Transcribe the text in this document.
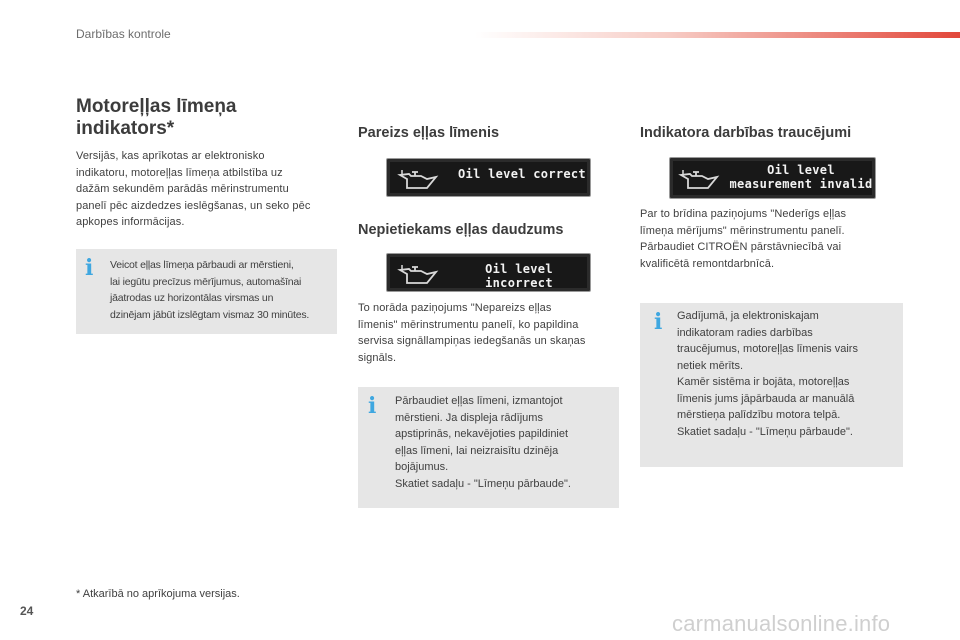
Darbības kontrole
Motoreļļas līmeņa
indikators*
Versijās, kas aprīkotas ar elektronisko
indikatoru, motoreļļas līmeņa atbilstība uz
dažām sekundēm parādās mērinstrumentu
panelī pēc aizdedzes ieslēgšanas, un seko pēc
apkopes informācijas.
i Veicot eļļas līmeņa pārbaudi ar mērstieni,
lai iegūtu precīzus mērījumus, automašīnai
jāatrodas uz horizontālas virsmas un
dzinējam jābūt izslēgtam vismaz 30 minūtes.
Pareizs eļļas līmenis
Oil level correct
Nepietiekams eļļas daudzums
Oil level incorrect
To norāda paziņojums "Nepareizs eļļas
līmenis" mērinstrumentu panelī, ko papildina
servisa signāllampiņas iedegšanās un skaņas
signāls.
i Pārbaudiet eļļas līmeni, izmantojot
mērstieni. Ja displeja rādījums
apstiprinās, nekavējoties papildiniet
eļļas līmeni, lai neizraisītu dzinēja
bojājumus.
Skatiet sadaļu - "Līmeņu pārbaude".
Indikatora darbības traucējumi
Oil level
measurement invalid
Par to brīdina paziņojums "Nederīgs eļļas
līmeņa mērījums" mērinstrumentu panelī.
Pārbaudiet CITROËN pārstāvniecībā vai
kvalificētā remontdarbnīcā.
i Gadījumā, ja elektroniskajam
indikatoram radies darbības
traucējumus, motoreļļas līmenis vairs
netiek mērīts.
Kamēr sistēma ir bojāta, motoreļļas
līmenis jums jāpārbauda ar manuālā
mērstieņa palīdzību motora telpā.
Skatiet sadaļu - "Līmeņu pārbaude".
* Atkarībā no aprīkojuma versijas.
24	carmanualsonline.info
